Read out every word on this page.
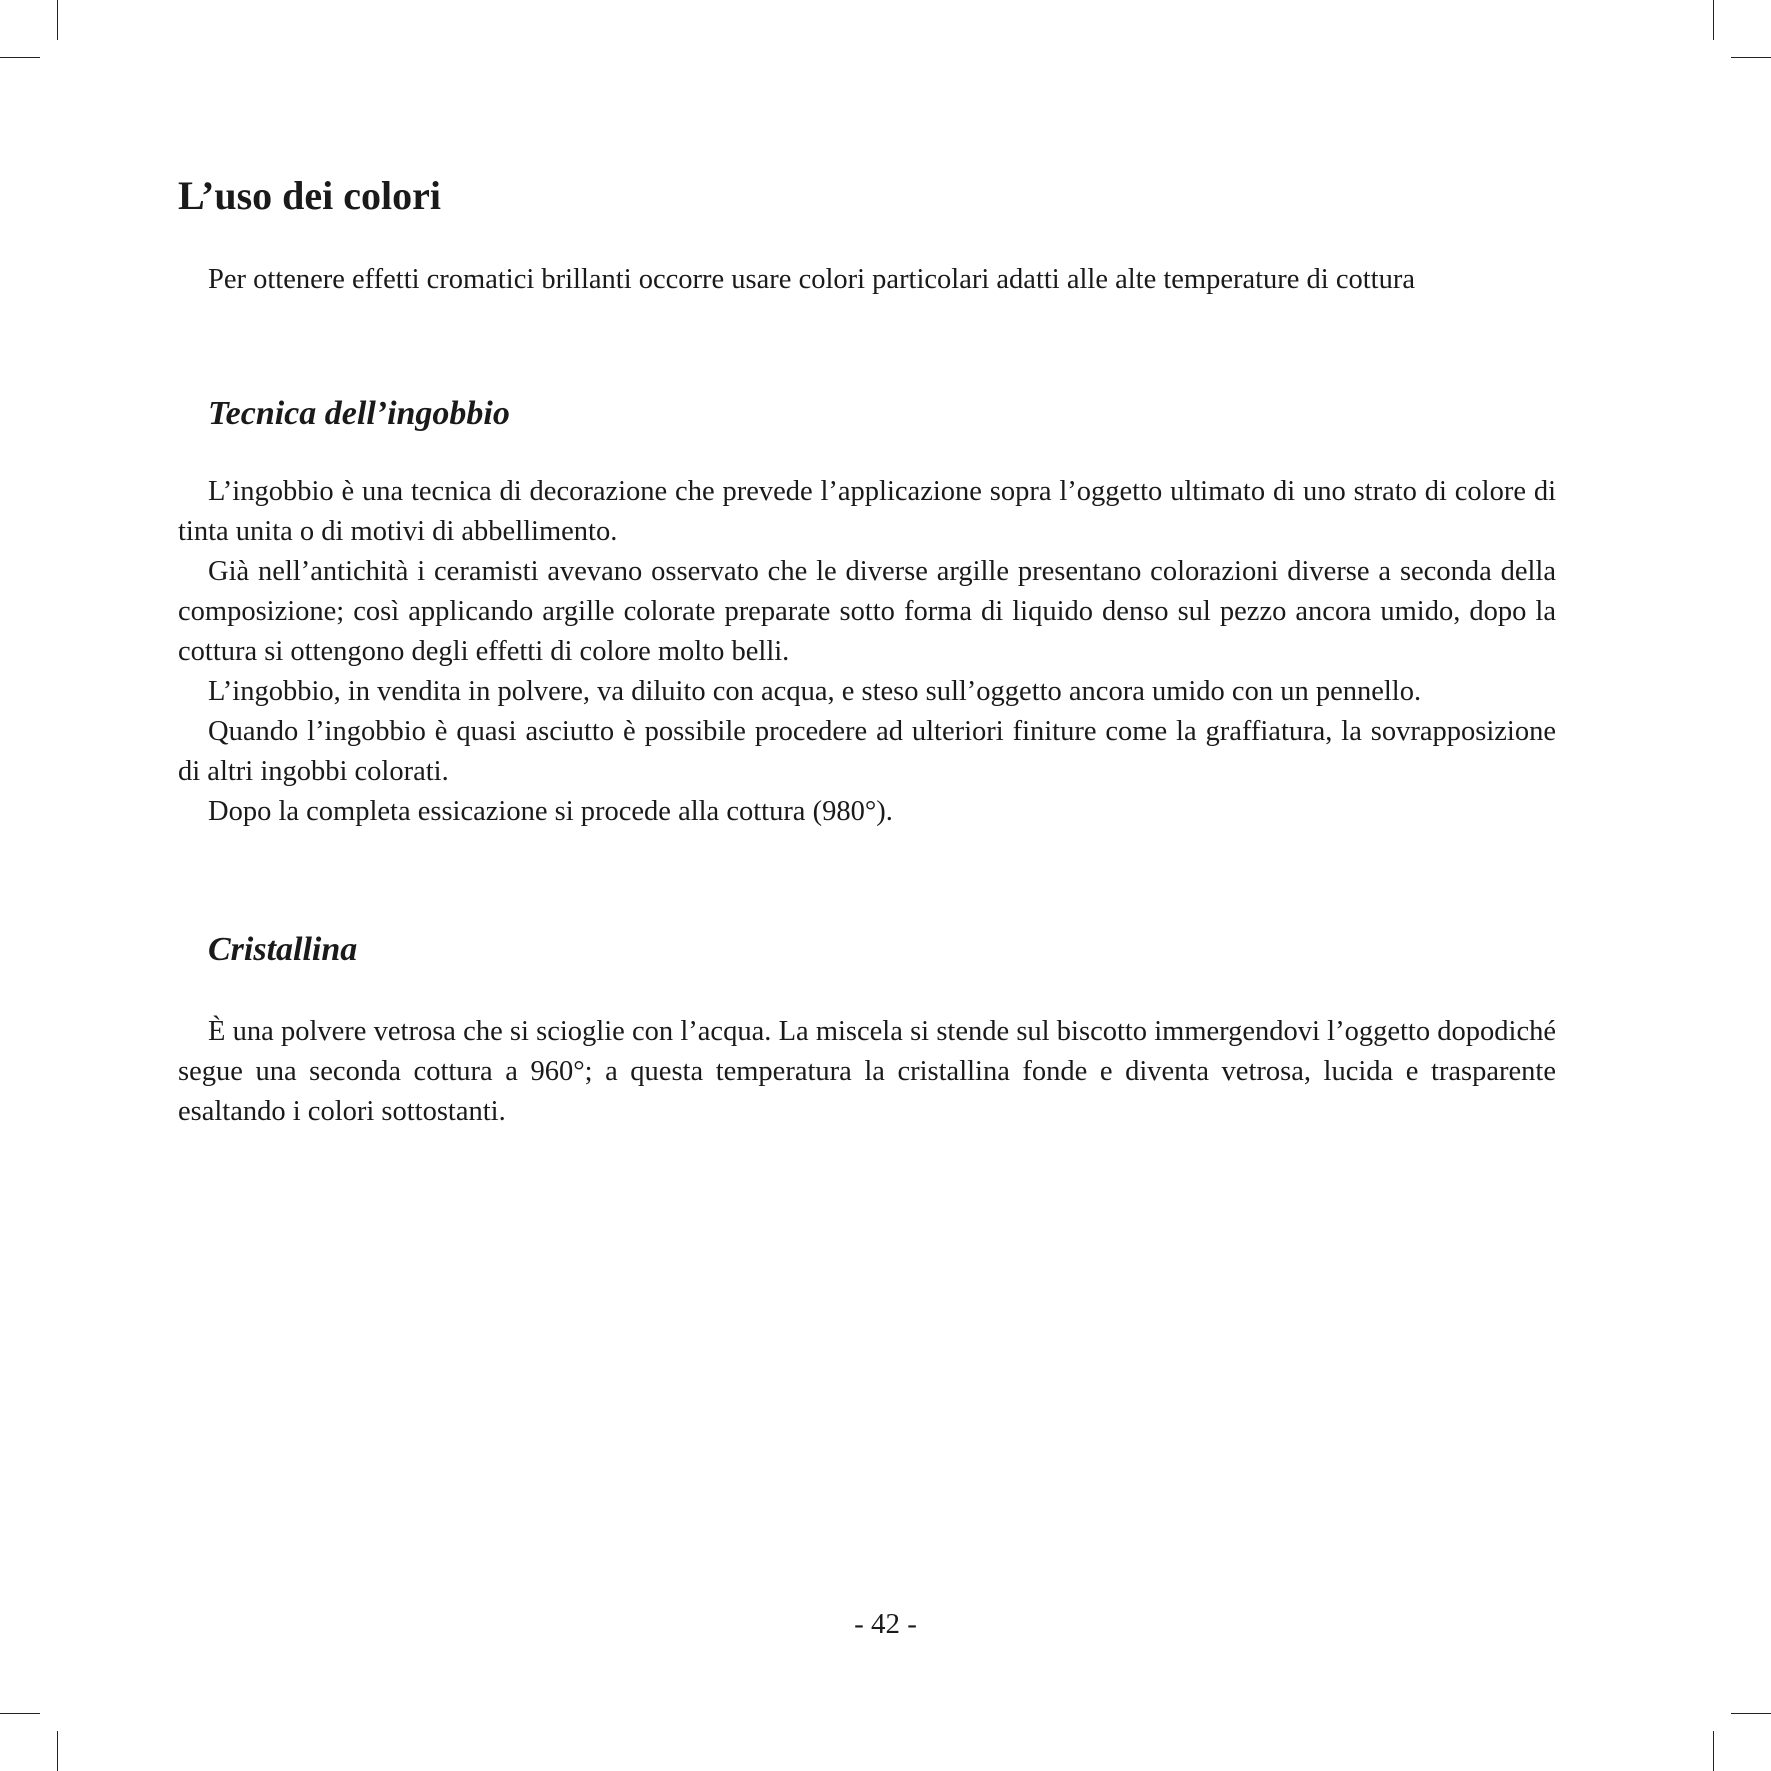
L’uso dei colori

Per ottenere effetti cromatici brillanti occorre usare colori particolari adatti alle alte temperature di cottura

Tecnica dell’ingobbio

L’ingobbio è una tecnica di decorazione che prevede l’applicazione sopra l’oggetto ultimato di uno strato di colore di tinta unita o di motivi di abbellimento.

Già nell’antichità i ceramisti avevano osservato che le diverse argille presentano colorazioni diverse a seconda della composizione; così applicando argille colorate preparate sotto forma di liquido denso sul pezzo ancora umido, dopo la cottura si ottengono degli effetti di colore molto belli.

L’ingobbio, in vendita in polvere, va diluito con acqua, e steso sull’oggetto ancora umido con un pennello.

Quando l’ingobbio è quasi asciutto è possibile procedere ad ulteriori finiture come la graffiatura, la sovrapposizione di altri ingobbi colorati.

Dopo la completa essicazione si procede alla cottura (980°).

Cristallina

È una polvere vetrosa che si scioglie con l’acqua. La miscela si stende sul biscotto immergendovi l’oggetto dopodiché segue una seconda cottura a 960°; a questa temperatura la cristallina fonde e diventa vetrosa, lucida e trasparente esaltando i colori sottostanti.

- 42 -
